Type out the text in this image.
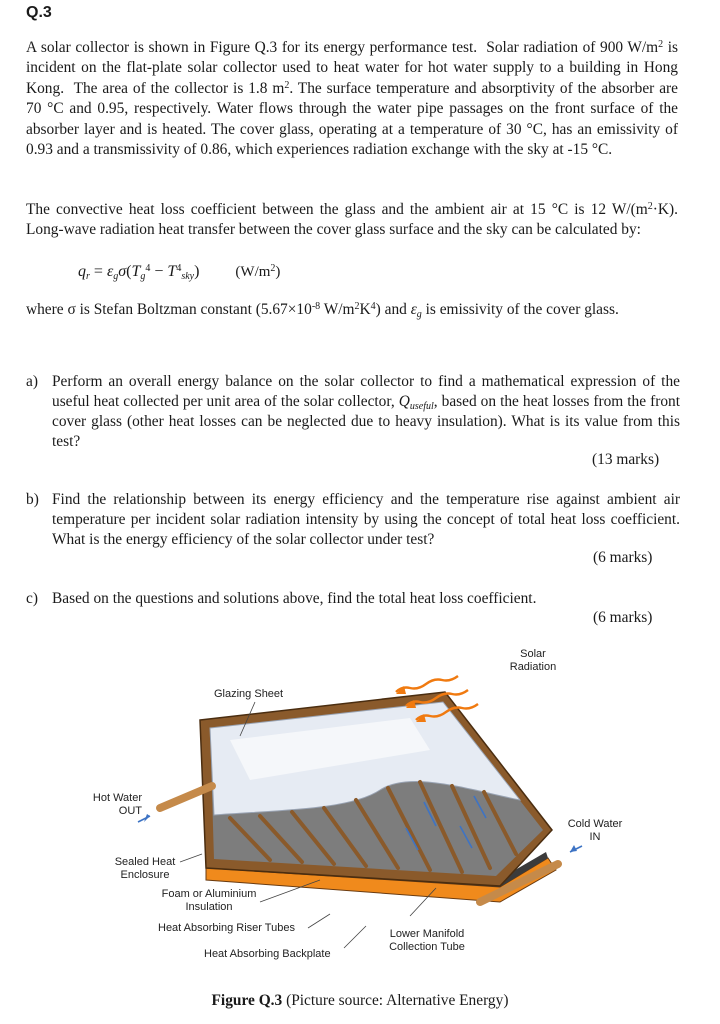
Q.3
A solar collector is shown in Figure Q.3 for its energy performance test.  Solar radiation of 900 $W/m^2$ is incident on the flat-plate solar collector used to heat water for hot water supply to a building in Hong Kong.  The area of the collector is 1.8 $m^2$. The surface temperature and absorptivity of the absorber are 70 °C and 0.95, respectively. Water flows through the water pipe passages on the front surface of the absorber layer and is heated. The cover glass, operating at a temperature of 30 °C, has an emissivity of 0.93 and a transmissivity of 0.86, which experiences radiation exchange with the sky at -15 °C.
The convective heat loss coefficient between the glass and the ambient air at 15 °C is 12 $W/(m^2\cdot K)$. Long-wave radiation heat transfer between the cover glass surface and the sky can be calculated by:
$q_r = \varepsilon_g\sigma(T_g^4 - T^4_{sky})$ $(W/m^2)$
where σ is Stefan Boltzman constant ($5.67\times 10^{-8}$ $W/m^2K^4$) and $\varepsilon_g$ is emissivity of the cover glass.
a) Perform an overall energy balance on the solar collector to find a mathematical expression of the useful heat collected per unit area of the solar collector, $Q_{useful}$, based on the heat losses from the front cover glass (other heat losses can be neglected due to heavy insulation). What is its value from this test?
(13 marks)
b) Find the relationship between its energy efficiency and the temperature rise against ambient air temperature per incident solar radiation intensity by using the concept of total heat loss coefficient. What is the energy efficiency of the solar collector under test?
(6 marks)
c) Based on the questions and solutions above, find the total heat loss coefficient.
(6 marks)
Solar Radiation
Glazing Sheet
Hot Water OUT
Cold Water IN
Sealed Heat Enclosure
Foam or Aluminium Insulation
Heat Absorbing Riser Tubes
Heat Absorbing Backplate
Lower Manifold Collection Tube
Figure Q.3 (Picture source: Alternative Energy)
